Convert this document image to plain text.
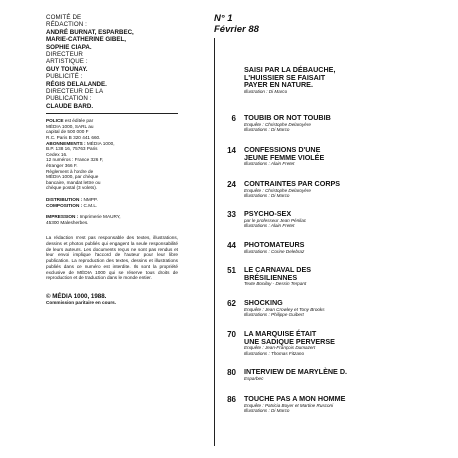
COMITÉ DE
RÉDACTION :
ANDRÉ BURNAT, ESPARBEC,
MARIE-CATHERINE GIBEL,
SOPHIE CIAPA.
DIRECTEUR
ARTISTIQUE :
GUY TOUNAY.
PUBLICITÉ :
RÉGIS DELALANDE.
DIRECTEUR DE LA
PUBLICATION :
CLAUDE BARD.
POLICE est éditée par
MÉDIA 1000, SARL au
capital de 500 000 F
R.C. Paris B 320 441 660.
ABONNEMENTS : MÉDIA 1000,
B.P. 138 16, 75763 Paris
Cedex 16.
12 numéros : France 326 F,
étranger 366 F.
Règlement à l'ordre de
MÉDIA 1000, par chèque
bancaire, mandat lettre ou
chèque postal (3 volets).
DISTRIBUTION : NMPP.
COMPOSITION : C.M.L.
IMPRESSION : Imprimerie MAURY,
45300 Malesherbes.
La rédaction n'est pas responsable des textes, illustrations, dessins et photos publiés qui engagent la seule responsabilité de leurs auteurs. Les documents reçus ne sont pas rendus et leur envoi implique l'accord de l'auteur pour leur libre publication. La reproduction des textes, dessins et illustrations publiés dans ce numéro est interdite. Ils sont la propriété exclusive de MÉDIA 1000 qui se réserve tous droits de reproduction et de traduction dans le monde entier.
© MÉDIA 1000, 1988.
Commission paritaire en cours.
N° 1
Février 88
SAISI PAR LA DÉBAUCHE,
L'HUISSIER SE FAISAIT
PAYER EN NATURE.
Illustration : Di Marco
6 TOUBIB OR NOT TOUBIB
Enquête : Christophe Delaroyère
Illustrations : Di Marco
14 CONFESSIONS D'UNE
JEUNE FEMME VIOLÉE
Illustrations : Alain Fretet
24 CONTRAINTES PAR CORPS
Enquête : Christophe Delaroyère
Illustrations : Di Marco
33 PSYCHO-SEX
par le professeur Jean Pénilac
Illustrations : Alain Fretet
44 PHOTOMATEURS
Illustrations : Corine Delebraz
51 LE CARNAVAL DES
BRÉSILIENNES
Texte Bonilay - Dessin Terpant
62 SHOCKING
Enquête : Jean Crowley et Tony Brooks
Illustrations : Philippe Guibert
70 LA MARQUISE ÉTAIT
UNE SADIQUE PERVERSE
Enquête : Jean-François Dumazert
Illustrations : Thomas Fitzano
80 INTERVIEW DE MARYLÈNE D.
Esparbec
86 TOUCHE PAS A MON HOMME
Enquête : Patricia Boyer et Martine Rusconi
Illustrations : Di Marco
